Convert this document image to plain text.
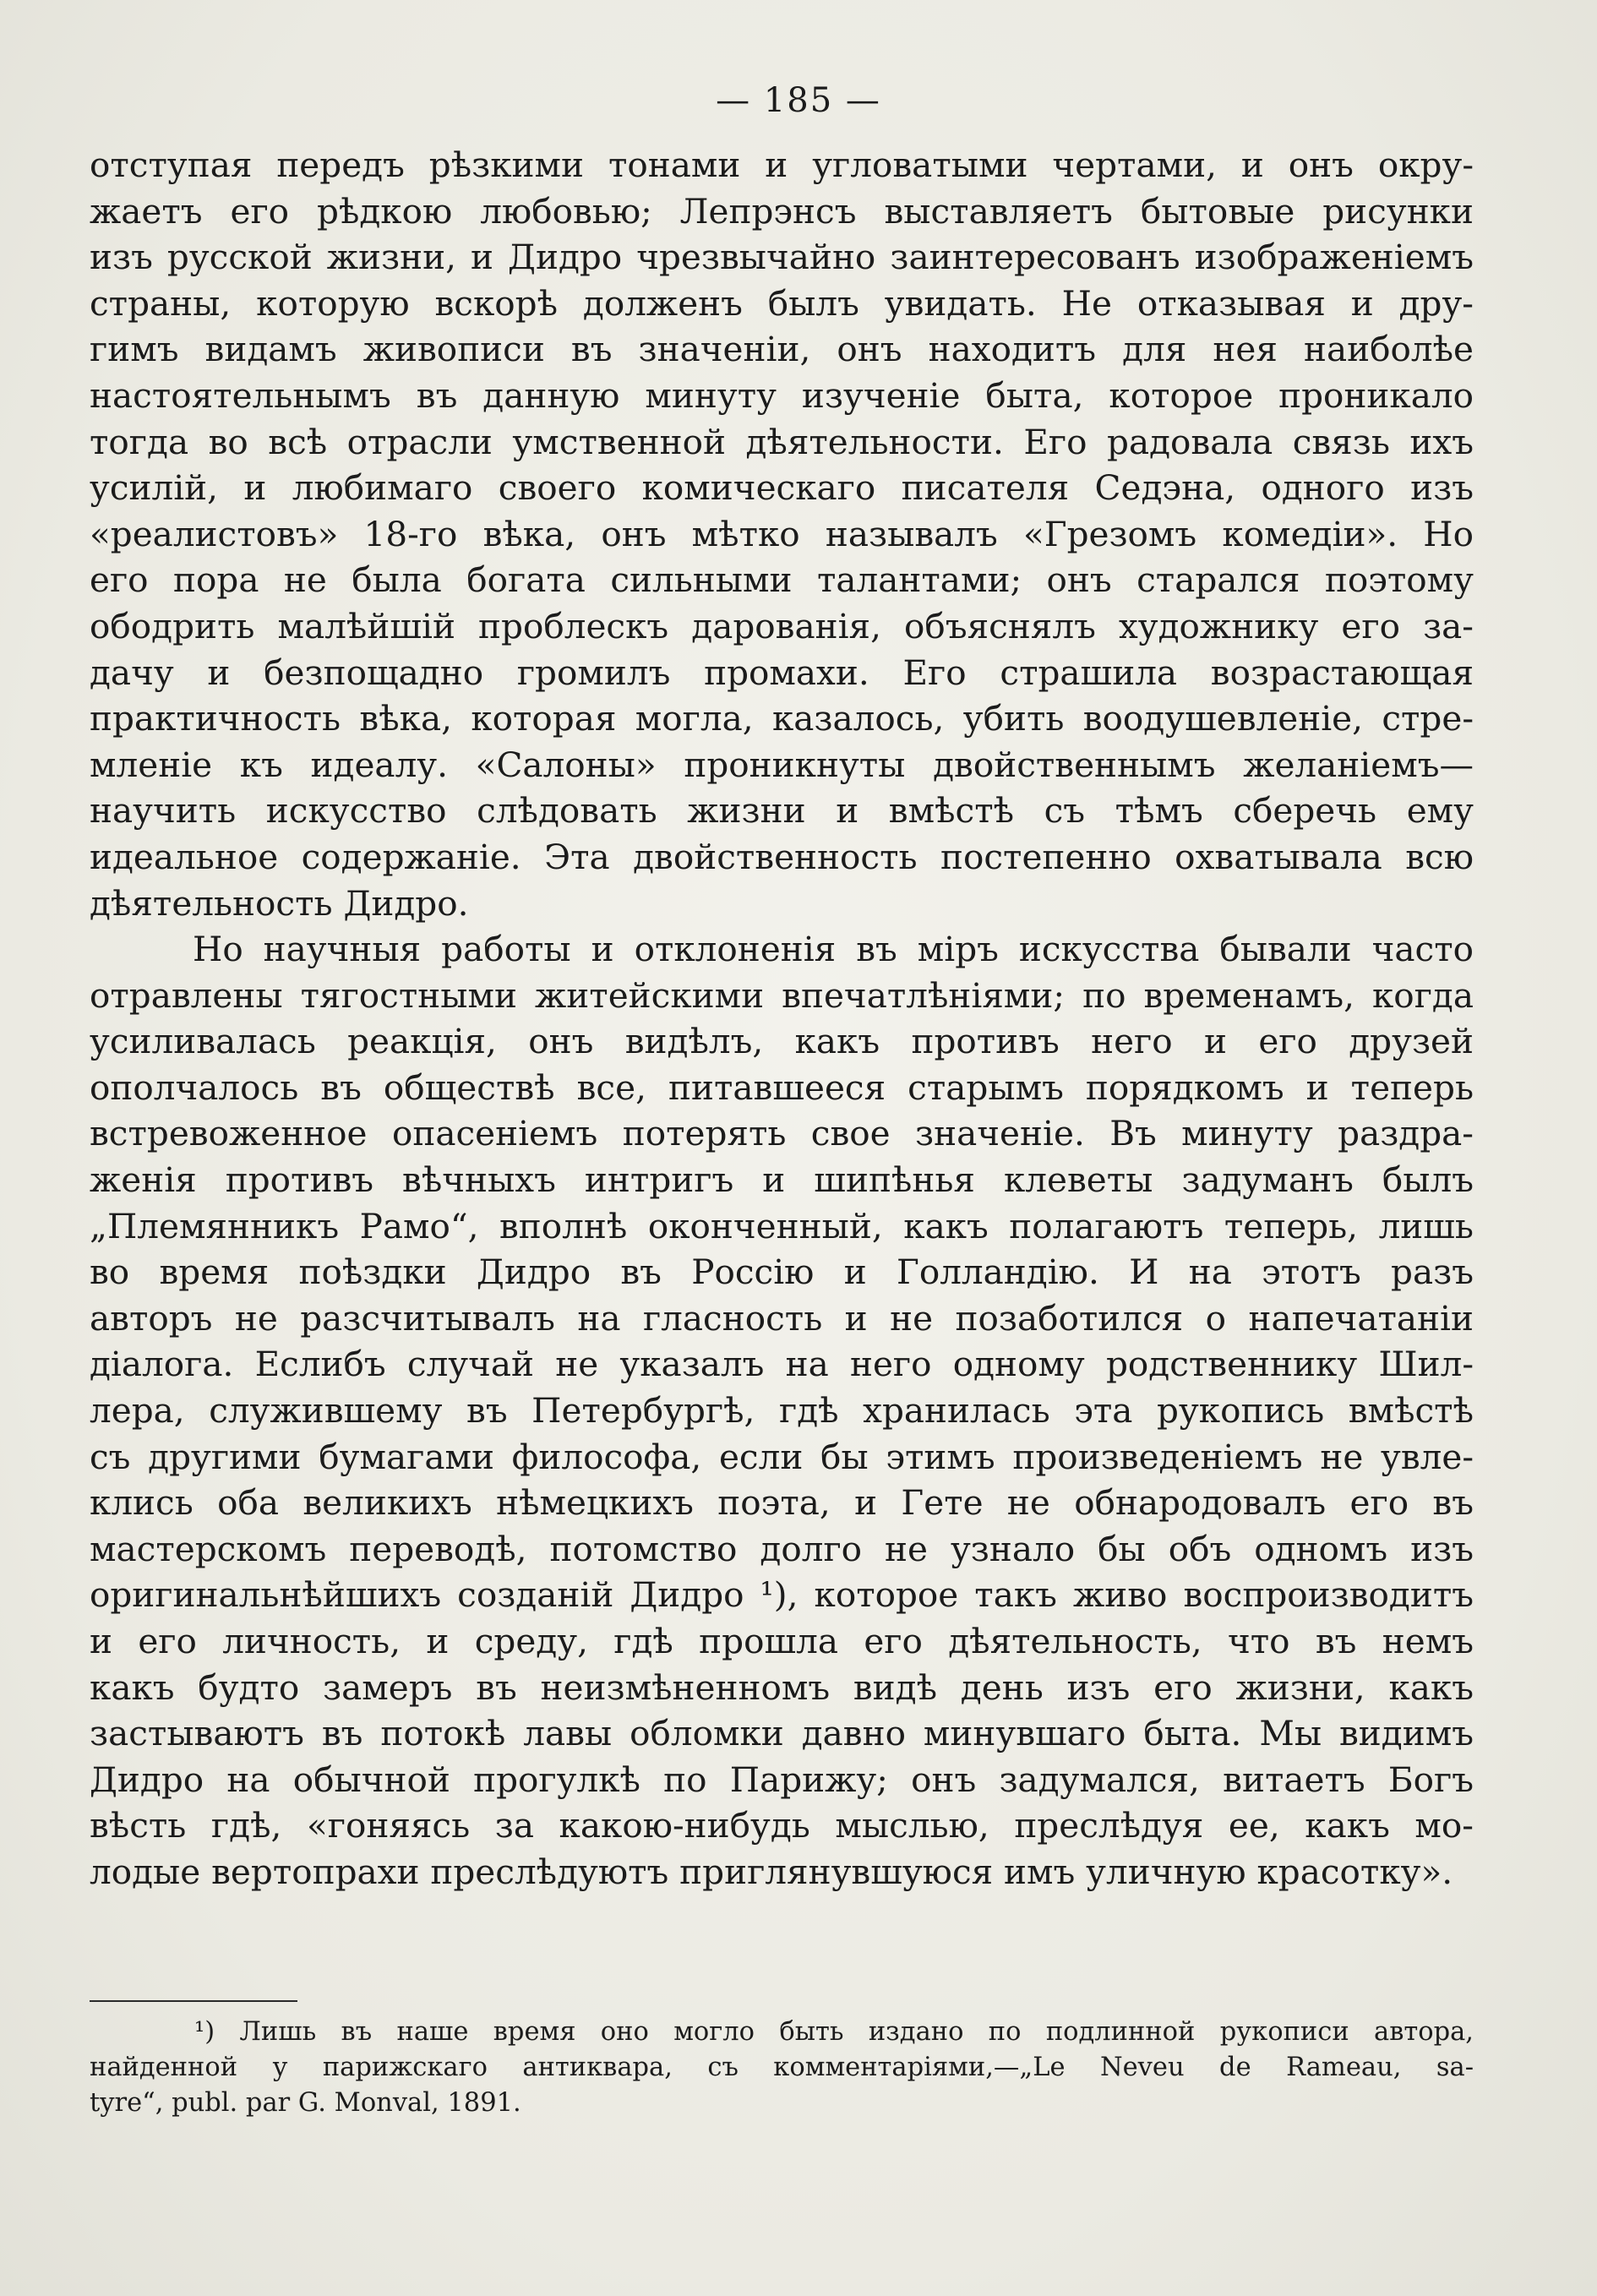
— 185 —
отступая передъ рѣзкими тонами и угловатыми чертами, и онъ окру-
жаетъ его рѣдкою любовью; Лепрэнсъ выставляетъ бытовые рисунки
изъ русской жизни, и Дидро чрезвычайно заинтересованъ изображеніемъ
страны, которую вскорѣ долженъ былъ увидать. Не отказывая и дру-
гимъ видамъ живописи въ значеніи, онъ находитъ для нея наиболѣе
настоятельнымъ въ данную минуту изученіе быта, которое проникало
тогда во всѣ отрасли умственной дѣятельности. Его радовала связь ихъ
усилій, и любимаго своего комическаго писателя Седэна, одного изъ
«реалистовъ» 18-го вѣка, онъ мѣтко называлъ «Грезомъ комедіи». Но
его пора не была богата сильными талантами; онъ старался поэтому
ободрить малѣйшій проблескъ дарованія, объяснялъ художнику его за-
дачу и безпощадно громилъ промахи. Его страшила возрастающая
практичность вѣка, которая могла, казалось, убить воодушевленіе, стре-
мленіе къ идеалу. «Салоны» проникнуты двойственнымъ желаніемъ—
научить искусство слѣдовать жизни и вмѣстѣ съ тѣмъ сберечь ему
идеальное содержаніе. Эта двойственность постепенно охватывала всю
дѣятельность Дидро.
Но научныя работы и отклоненія въ міръ искусства бывали часто
отравлены тягостными житейскими впечатлѣніями; по временамъ, когда
усиливалась реакція, онъ видѣлъ, какъ противъ него и его друзей
ополчалось въ обществѣ все, питавшееся старымъ порядкомъ и теперь
встревоженное опасеніемъ потерять свое значеніе. Въ минуту раздра-
женія противъ вѣчныхъ интригъ и шипѣнья клеветы задуманъ былъ
„Племянникъ Рамо“, вполнѣ оконченный, какъ полагаютъ теперь, лишь
во время поѣздки Дидро въ Россію и Голландію. И на этотъ разъ
авторъ не разсчитывалъ на гласность и не позаботился о напечатаніи
діалога. Еслибъ случай не указалъ на него одному родственнику Шил-
лера, служившему въ Петербургѣ, гдѣ хранилась эта рукопись вмѣстѣ
съ другими бумагами философа, если бы этимъ произведеніемъ не увле-
клись оба великихъ нѣмецкихъ поэта, и Гете не обнародовалъ его въ
мастерскомъ переводѣ, потомство долго не узнало бы объ одномъ изъ
оригинальнѣйшихъ созданій Дидро ¹), которое такъ живо воспроизводитъ
и его личность, и среду, гдѣ прошла его дѣятельность, что въ немъ
какъ будто замеръ въ неизмѣненномъ видѣ день изъ его жизни, какъ
застываютъ въ потокѣ лавы обломки давно минувшаго быта. Мы видимъ
Дидро на обычной прогулкѣ по Парижу; онъ задумался, витаетъ Богъ
вѣсть гдѣ, «гоняясь за какою-нибудь мыслью, преслѣдуя ее, какъ мо-
лодые вертопрахи преслѣдуютъ приглянувшуюся имъ уличную красотку».
¹) Лишь въ наше время оно могло быть издано по подлинной рукописи автора,
найденной у парижскаго антиквара, съ комментаріями,—„Le Neveu de Rameau, sa-
tyre“, publ. par G. Monval, 1891.
